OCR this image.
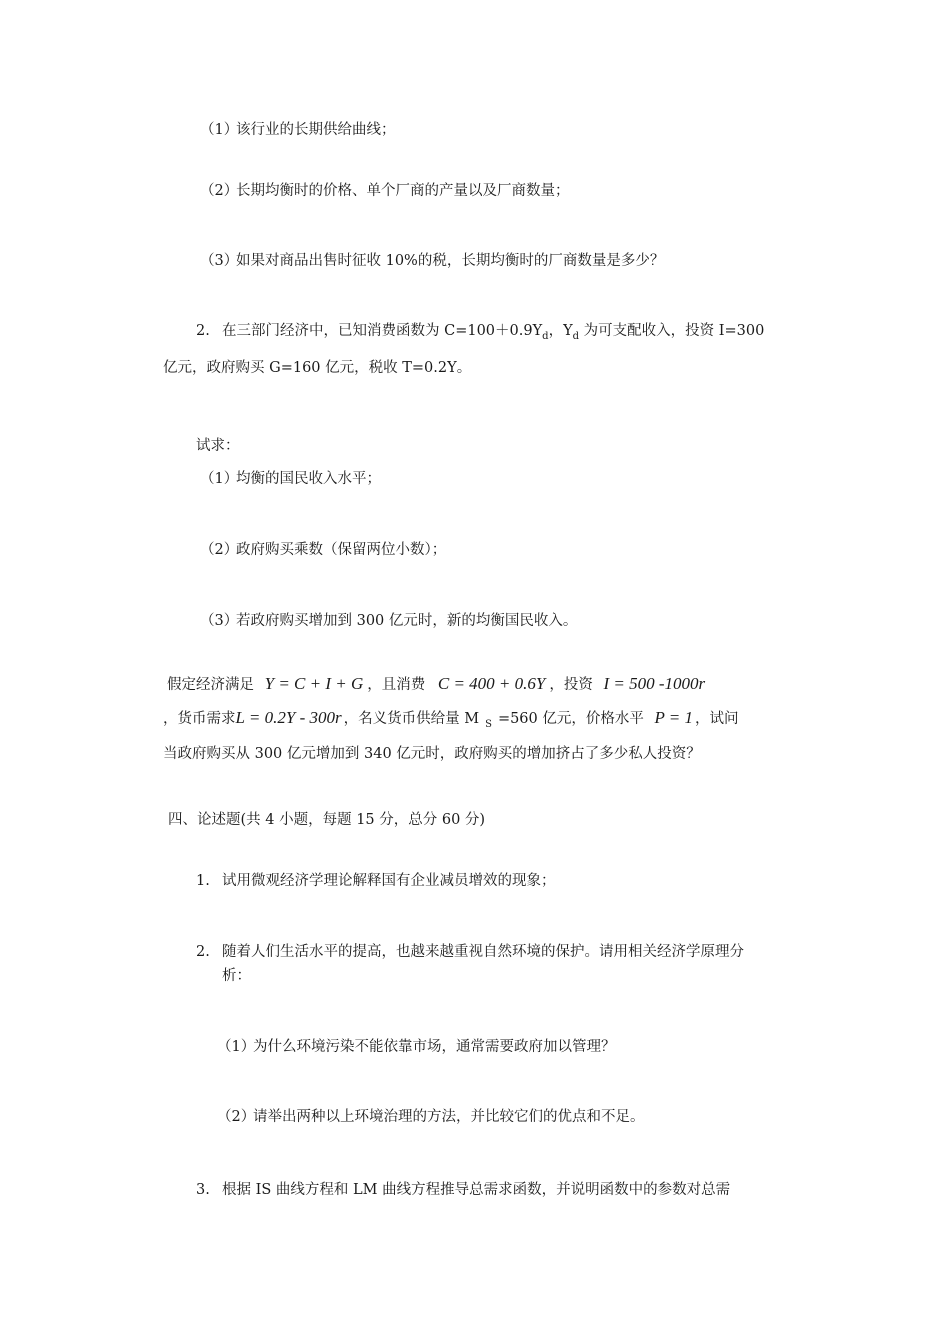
（1）该行业的长期供给曲线；
（2）长期均衡时的价格、单个厂商的产量以及厂商数量；
（3）如果对商品出售时征收 10%的税，长期均衡时的厂商数量是多少？
2. 在三部门经济中，已知消费函数为 $C=100+0.9Y_d$，$Y_d$ 为可支配收入，投资 I=300
亿元，政府购买 G=160 亿元，税收 T=0.2Y。
试求：
（1）均衡的国民收入水平；
（2）政府购买乘数（保留两位小数）；
（3）若政府购买增加到 300 亿元时，新的均衡国民收入。
假定经济满足 Y = C + I + G ，且消费 C = 400 + 0.6Y ，投资 I = 500 -1000r
，货币需求L = 0.2Y - 300r ，名义货币供给量 M $_S$ =560 亿元，价格水平 P = 1 ，试问
当政府购买从 300 亿元增加到 340 亿元时，政府购买的增加挤占了多少私人投资？
四、论述题(共 4 小题，每题 15 分，总分 60 分)
1. 试用微观经济学理论解释国有企业减员增效的现象；
2. 随着人们生活水平的提高，也越来越重视自然环境的保护。请用相关经济学原理分
析：
（1）为什么环境污染不能依靠市场，通常需要政府加以管理？
（2）请举出两种以上环境治理的方法，并比较它们的优点和不足。
3. 根据 IS 曲线方程和 LM 曲线方程推导总需求函数，并说明函数中的参数对总需
